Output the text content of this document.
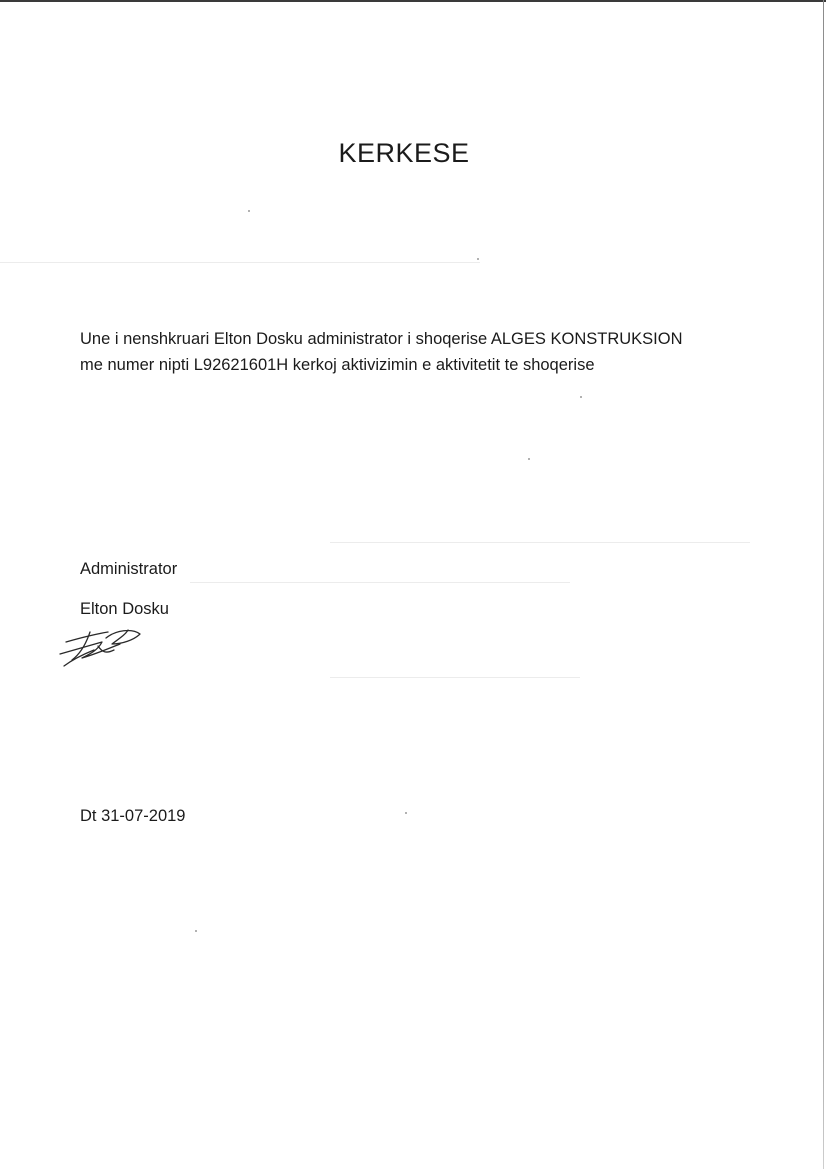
KERKESE
Une i nenshkruari Elton Dosku administrator i shoqerise ALGES KONSTRUKSION
me numer nipti L92621601H kerkoj aktivizimin e aktivitetit te shoqerise
Administrator
Elton Dosku
Dt 31-07-2019
